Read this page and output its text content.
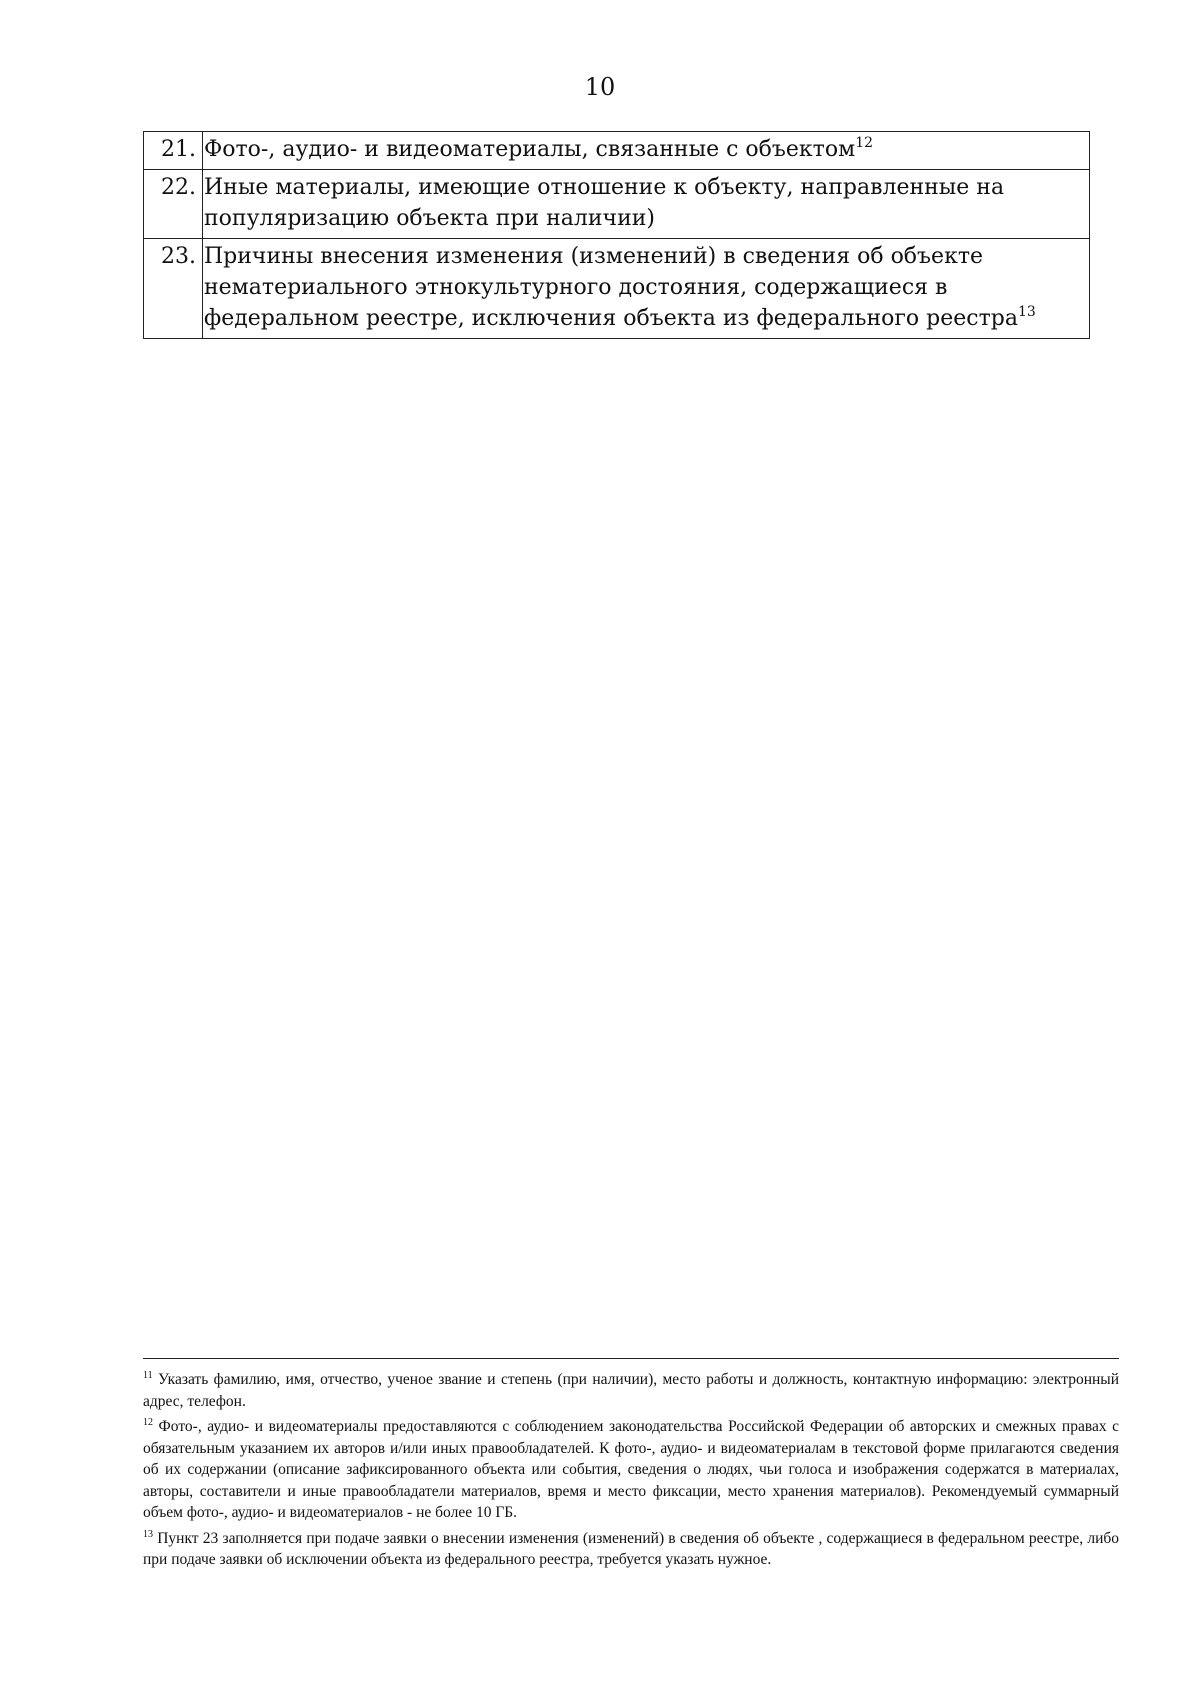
10
21.	Фото-, аудио- и видеоматериалы, связанные с объектом$^{12}$
22.	Иные материалы, имеющие отношение к объекту, направленные на популяризацию объекта при наличии)
23.	Причины внесения изменения (изменений) в сведения об объекте нематериального этнокультурного достояния, содержащиеся в федеральном реестре, исключения объекта из федерального реестра$^{13}$

$^{11}$ Указать фамилию, имя, отчество, ученое звание и степень (при наличии), место работы и должность, контактную информацию: электронный адрес, телефон.

$^{12}$ Фото-, аудио- и видеоматериалы предоставляются с соблюдением законодательства Российской Федерации об авторских и смежных правах с обязательным указанием их авторов и/или иных правообладателей. К фото-, аудио- и видеоматериалам в текстовой форме прилагаются сведения об их содержании (описание зафиксированного объекта или события, сведения о людях, чьи голоса и изображения содержатся в материалах, авторы, составители и иные правообладатели материалов, время и место фиксации, место хранения материалов). Рекомендуемый суммарный объем фото-, аудио- и видеоматериалов - не более 10 ГБ.

$^{13}$ Пункт 23 заполняется при подаче заявки о внесении изменения (изменений) в сведения об объекте , содержащиеся в федеральном реестре, либо при подаче заявки об исключении объекта из федерального реестра, требуется указать нужное.
